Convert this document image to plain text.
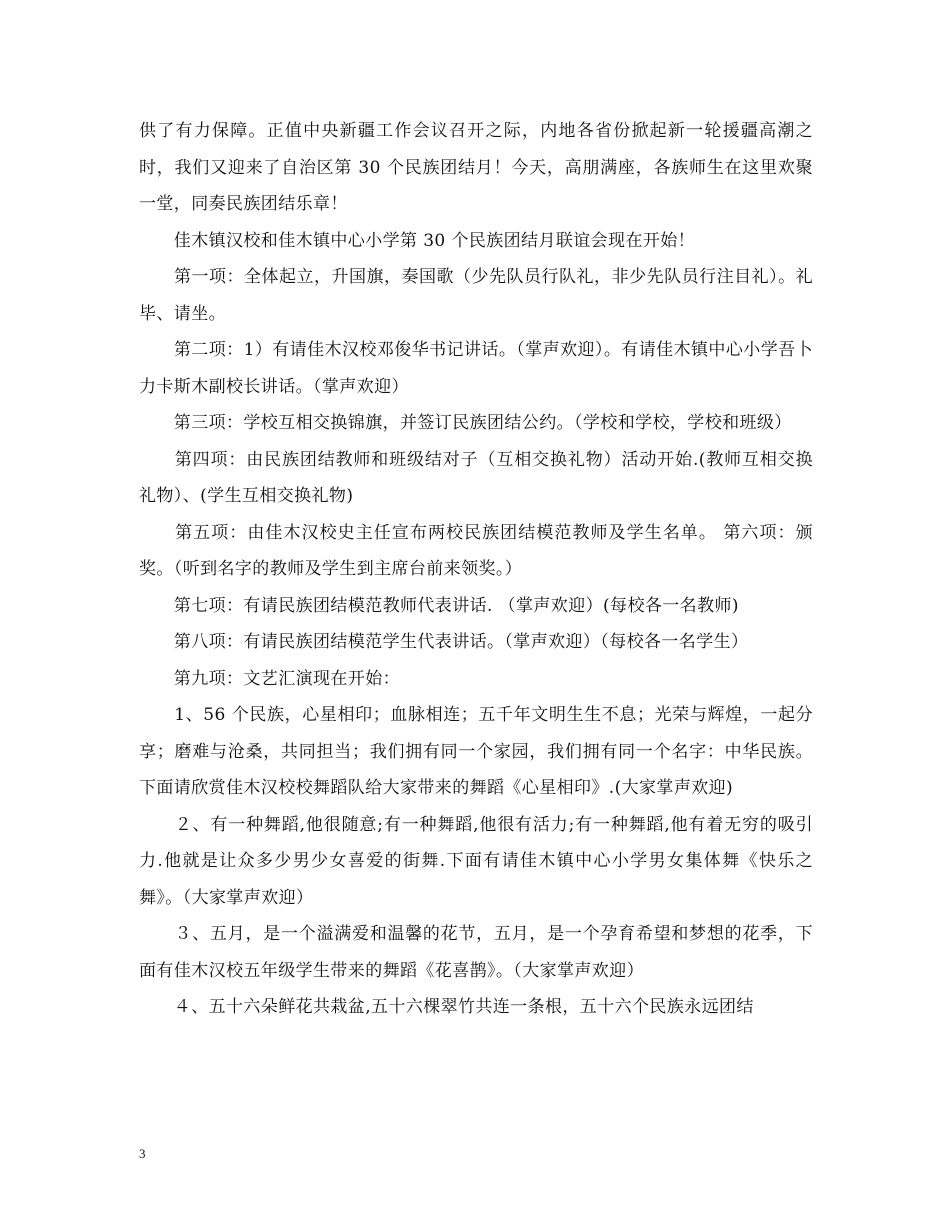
供了有力保障。正值中央新疆工作会议召开之际，内地各省份掀起新一轮援疆高潮之时，我们又迎来了自治区第 30 个民族团结月！今天，高朋满座，各族师生在这里欢聚一堂，同奏民族团结乐章！

　　佳木镇汉校和佳木镇中心小学第 30 个民族团结月联谊会现在开始！

　　第一项：全体起立，升国旗，奏国歌（少先队员行队礼，非少先队员行注目礼）。礼毕、请坐。

　　第二项：1）有请佳木汉校邓俊华书记讲话。（掌声欢迎）。有请佳木镇中心小学吾卜力卡斯木副校长讲话。（掌声欢迎）

　　第三项：学校互相交换锦旗，并签订民族团结公约。（学校和学校，学校和班级）

　　第四项：由民族团结教师和班级结对子（互相交换礼物）活动开始.(教师互相交换礼物）、(学生互相交换礼物)

　　第五项：由佳木汉校史主任宣布两校民族团结模范教师及学生名单。 第六项：颁奖。（听到名字的教师及学生到主席台前来领奖。）

　　第七项：有请民族团结模范教师代表讲话. （掌声欢迎）(每校各一名教师)

　　第八项：有请民族团结模范学生代表讲话。（掌声欢迎）（每校各一名学生）

　　第九项：文艺汇演现在开始：

　　1、56 个民族，心星相印；血脉相连；五千年文明生生不息；光荣与辉煌，一起分享；磨难与沧桑，共同担当；我们拥有同一个家园，我们拥有同一个名字：中华民族。下面请欣赏佳木汉校校舞蹈队给大家带来的舞蹈《心星相印》.(大家掌声欢迎)

　　２、有一种舞蹈,他很随意;有一种舞蹈,他很有活力;有一种舞蹈,他有着无穷的吸引力.他就是让众多少男少女喜爱的街舞.下面有请佳木镇中心小学男女集体舞《快乐之舞》。（大家掌声欢迎）

　　３、五月，是一个溢满爱和温馨的花节，五月，是一个孕育希望和梦想的花季，下面有佳木汉校五年级学生带来的舞蹈《花喜鹊》。（大家掌声欢迎）

　　４、五十六朵鲜花共栽盆,五十六棵翠竹共连一条根，五十六个民族永远团结

3
